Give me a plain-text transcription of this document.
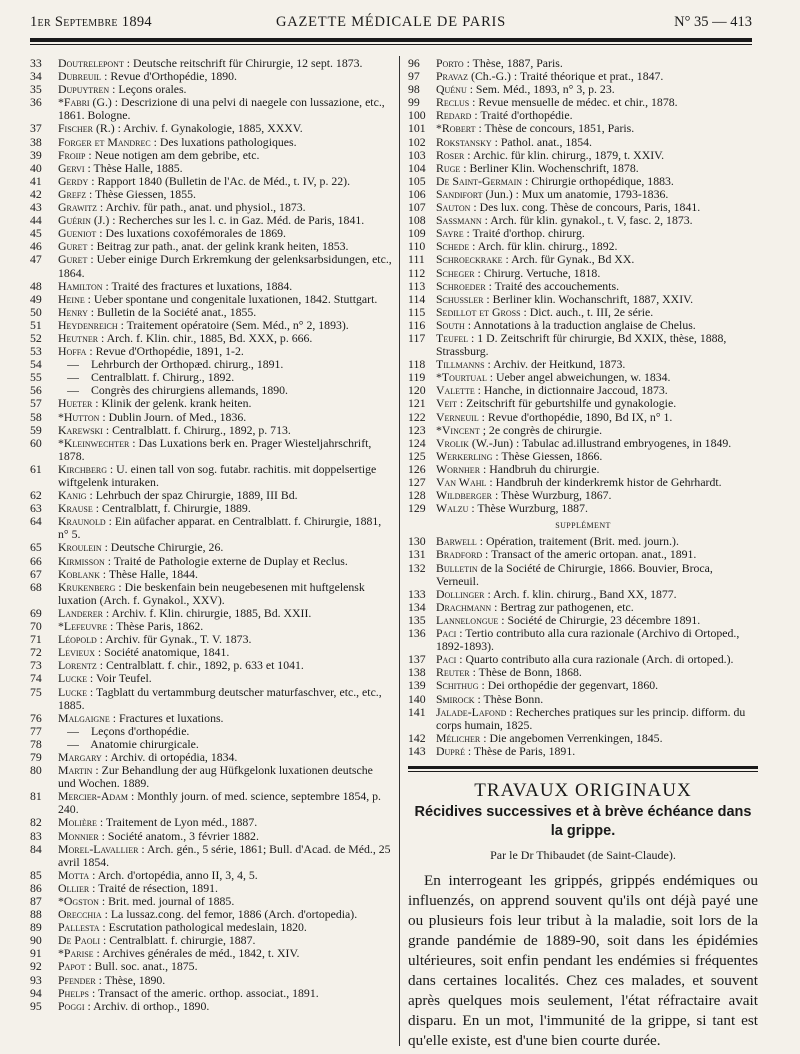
1er Septembre 1894	GAZETTE MÉDICALE DE PARIS	N° 35 — 413
33	Doutrelepont : Deutsche reitschrift für Chirurgie, 12 sept. 1873.
34	Dubreuil : Revue d'Orthopédie, 1890.
35	Dupuytren : Leçons orales.
36	*Fabri (G.) : Descrizione di una pelvi di naegele con lussazione, etc., 1861. Bologne.
37	Fischer (R.) : Archiv. f. Gynakologie, 1885, XXXV.
38	Forger et Mandrec : Des luxations pathologiques.
39	Froiip : Neue notigen am dem gebribe, etc.
40	Gervi : Thèse Halle, 1885.
41	Gerdy : Rapport 1840 (Bulletin de l'Ac. de Méd., t. IV, p. 22).
42	Grefz : Thèse Giessen, 1855.
43	Grawitz : Archiv. für path., anat. und physiol., 1873.
44	Guérin (J.) : Recherches sur les l. c. in Gaz. Méd. de Paris, 1841.
45	Gueniot : Des luxations coxofémorales de 1869.
46	Guret : Beitrag zur path., anat. der gelink krank heiten, 1853.
47	Guret : Ueber einige Durch Erkremkung der gelenksarbsidungen, etc., 1864.
48	Hamilton : Traité des fractures et luxations, 1884.
49	Heine : Ueber spontane und congenitale luxationen, 1842. Stuttgart.
50	Henry : Bulletin de la Société anat., 1855.
51	Heydenreich : Traitement opératoire (Sem. Méd., n° 2, 1893).
52	Heutner : Arch. f. Klin. chir., 1885, Bd. XXX, p. 666.
53	Hoffa : Revue d'Orthopédie, 1891, 1-2.
54	— Lehrburch der Orthopæd. chirurg., 1891.
55	— Centralblatt. f. Chirurg., 1892.
56	— Congrès des chirurgiens allemands, 1890.
57	Hueter : Klinik der gelenk. krank heiten.
58	*Hutton : Dublin Journ. of Med., 1836.
59	Karewski : Centralblatt. f. Chirurg., 1892, p. 713.
60	*Kleinwechter : Das Luxations berk en. Prager Wiesteljahrschrift, 1878.
61	Kirchberg : U. einen tall von sog. futabr. rachitis. mit doppelsertige wiftgelenk inturaken.
62	Kanig : Lehrbuch der spaz Chirurgie, 1889, III Bd.
63	Krause : Centralblatt, f. Chirurgie, 1889.
64	Kraunold : Ein aüfacher apparat. en Centralblatt. f. Chirurgie, 1881, n° 5.
65	Kroulein : Deutsche Chirurgie, 26.
66	Kirmisson : Traité de Pathologie externe de Duplay et Reclus.
67	Koblank : Thèse Halle, 1844.
68	Krukenberg : Die beskenfain bein neugebesenen mit huftgelensk luxation (Arch. f. Gynakol., XXV).
69	Landerer : Archiv. f. Klin. chirurgie, 1885, Bd. XXII.
70	*Lefeuvre : Thèse Paris, 1862.
71	Léopold : Archiv. für Gynak., T. V. 1873.
72	Levieux : Société anatomique, 1841.
73	Lorentz : Centralblatt. f. chir., 1892, p. 633 et 1041.
74	Lucke : Voir Teufel.
75	Lucke : Tagblatt du vertammburg deutscher maturfaschver, etc., etc., 1885.
76	Malgaigne : Fractures et luxations.
77	— Leçons d'orthopédie.
78	— Anatomie chirurgicale.
79	Margary : Archiv. di ortopédia, 1834.
80	Martin : Zur Behandlung der aug Hüfkgelonk luxationen deutsche und Wochen. 1889.
81	Mercier-Adam : Monthly journ. of med. science, septembre 1854, p. 240.
82	Molière : Traitement de Lyon méd., 1887.
83	Monnier : Société anatom., 3 février 1882.
84	Morel-Lavallier : Arch. gén., 5 série, 1861; Bull. d'Acad. de Méd., 25 avril 1854.
85	Motta : Arch. d'ortopédia, anno II, 3, 4, 5.
86	Ollier : Traité de résection, 1891.
87	*Ogston : Brit. med. journal of 1885.
88	Orecchia : La lussaz.cong. del femor, 1886 (Arch. d'ortopedia).
89	Pallesta : Escrutation pathological medeslain, 1820.
90	De Paoli : Centralblatt. f. chirurgie, 1887.
91	*Parise : Archives générales de méd., 1842, t. XIV.
92	Papot : Bull. soc. anat., 1875.
93	Pfender : Thèse, 1890.
94	Phelps : Transact of the americ. orthop. associat., 1891.
95	Poggi : Archiv. di orthop., 1890.
96	Porto : Thèse, 1887, Paris.
97	Pravaz (Ch.-G.) : Traité théorique et prat., 1847.
98	Quénu : Sem. Méd., 1893, n° 3, p. 23.
99	Reclus : Revue mensuelle de médec. et chir., 1878.
100 Redard : Traité d'orthopédie.
101 *Robert : Thèse de concours, 1851, Paris.
102 Rokstansky : Pathol. anat., 1854.
103 Roser : Archic. für klin. chirurg., 1879, t. XXIV.
104 Ruge : Berliner Klin. Wochenschrift, 1878.
105 De Saint-Germain : Chirurgie orthopédique, 1883.
106 Sandifort (Jun.) : Mux um anatomie, 1793-1836.
107 Sauton : Des lux. cong. Thèse de concours, Paris, 1841.
108 Sassmann : Arch. für klin. gynakol., t. V, fasc. 2, 1873.
109 Sayre : Traité d'orthop. chirurg.
110 Schede : Arch. für klin. chirurg., 1892.
111 Schroeckrake : Arch. für Gynak., Bd XX.
112 Scheger : Chirurg. Vertuche, 1818.
113 Schroeder : Traité des accouchements.
114 Schussler : Berliner klin. Wochanschrift, 1887, XXIV.
115 Sedillot et Gross : Dict. auch., t. III, 2e série.
116 South : Annotations à la traduction anglaise de Chelus.
117 Teufel : 1 D. Zeitschrift für chirurgie, Bd XXIX, thèse, 1888, Strassburg.
118 Tillmanns : Archiv. der Heitkund, 1873.
119 *Tourtual : Ueber angel abweichungen, w. 1834.
120 Valette : Hanche, in dictionnaire Jaccoud, 1873.
121 Veit : Zeitschrift für geburtshilfe und gynakologie.
122 Verneuil : Revue d'orthopédie, 1890, Bd IX, n° 1.
123 *Vincent ; 2e congrès de chirurgie.
124 Vrolik (W.-Jun) : Tabulac ad.illustrand embryogenes, in 1849.
125 Werkerling : Thèse Giessen, 1866.
126 Wornher : Handbruh du chirurgie.
127 Van Wahl : Handbruh der kinderkremk histor de Gehrhardt.
128 Wildberger : Thèse Wurzburg, 1867.
129 Walzu : Thèse Wurzburg, 1887.
supplément
130 Barwell : Opération, traitement (Brit. med. journ.).
131 Bradford : Transact of the americ ortopan. anat., 1891.
132 Bulletin de la Société de Chirurgie, 1866. Bouvier, Broca, Verneuil.
133 Dollinger : Arch. f. klin. chirurg., Band XX, 1877.
134 Drachmann : Bertrag zur pathogenen, etc.
135 Lannelongue : Société de Chirurgie, 23 décembre 1891.
136 Paci : Tertio contributo alla cura razionale (Archivo di Ortoped., 1892-1893).
137 Paci : Quarto contributo alla cura razionale (Arch. di ortoped.).
138 Reuter : Thèse de Bonn, 1868.
139 Schithug : Dei orthopédie der gegenvart, 1860.
140 Smirock : Thèse Bonn.
141 Jalade-Lafond : Recherches pratiques sur les princip. difform. du corps humain, 1825.
142 Mélicher : Die angebomen Verrenkingen, 1845.
143 Dupré : Thèse de Paris, 1891.
TRAVAUX ORIGINAUX
Récidives successives et à brève échéance dans la grippe.
Par le Dr Thibaudet (de Saint-Claude).
En interrogeant les grippés, grippés endémiques ou influenzés, on apprend souvent qu'ils ont déjà payé une ou plusieurs fois leur tribut à la maladie, soit lors de la grande pandémie de 1889-90, soit dans les épidémies ultérieures, soit enfin pendant les endémies si fréquentes dans certaines localités. Chez ces malades, et souvent après quelques mois seulement, l'état réfractaire avait disparu. En un mot, l'immunité de la grippe, si tant est qu'elle existe, est d'une bien courte durée.
